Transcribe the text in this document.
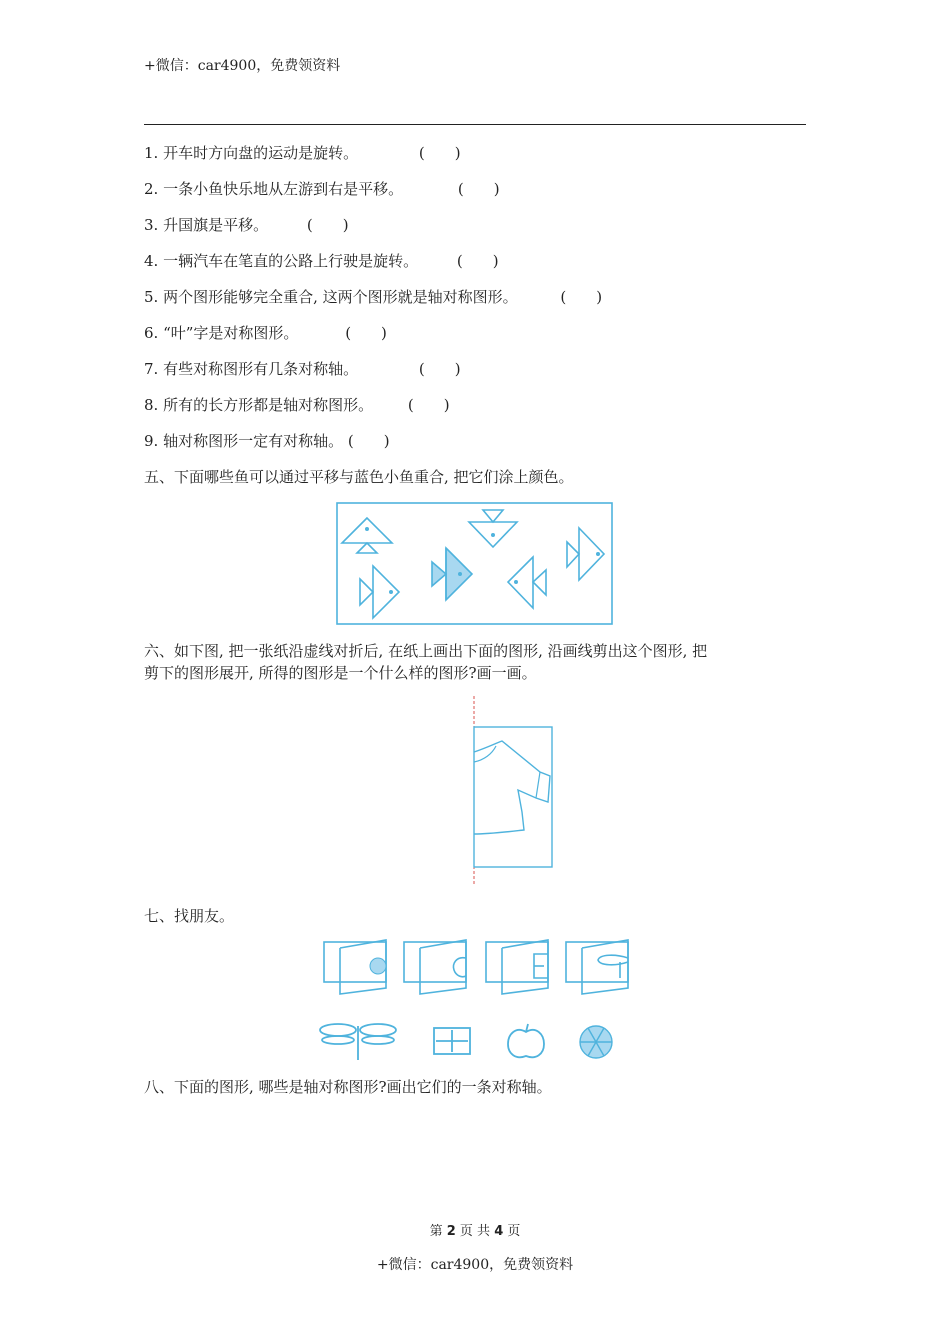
+微信：car4900，免费领资料
1. 开车时方向盘的运动是旋转。	(　　)
2. 一条小鱼快乐地从左游到右是平移。	(　　)
3. 升国旗是平移。	(　　)
4. 一辆汽车在笔直的公路上行驶是旋转。	(　　)
5. 两个图形能够完全重合, 这两个图形就是轴对称图形。	(　　)
6. “叶”字是对称图形。	(　　)
7. 有些对称图形有几条对称轴。	(　　)
8. 所有的长方形都是轴对称图形。 (　　)
9. 轴对称图形一定有对称轴。 (　　)
五、下面哪些鱼可以通过平移与蓝色小鱼重合, 把它们涂上颜色。
六、如下图, 把一张纸沿虚线对折后, 在纸上画出下面的图形, 沿画线剪出这个图形, 把
剪下的图形展开, 所得的图形是一个什么样的图形?画一画。
七、找朋友。
八、下面的图形, 哪些是轴对称图形?画出它们的一条对称轴。
第 2 页 共 4 页
+微信：car4900，免费领资料
